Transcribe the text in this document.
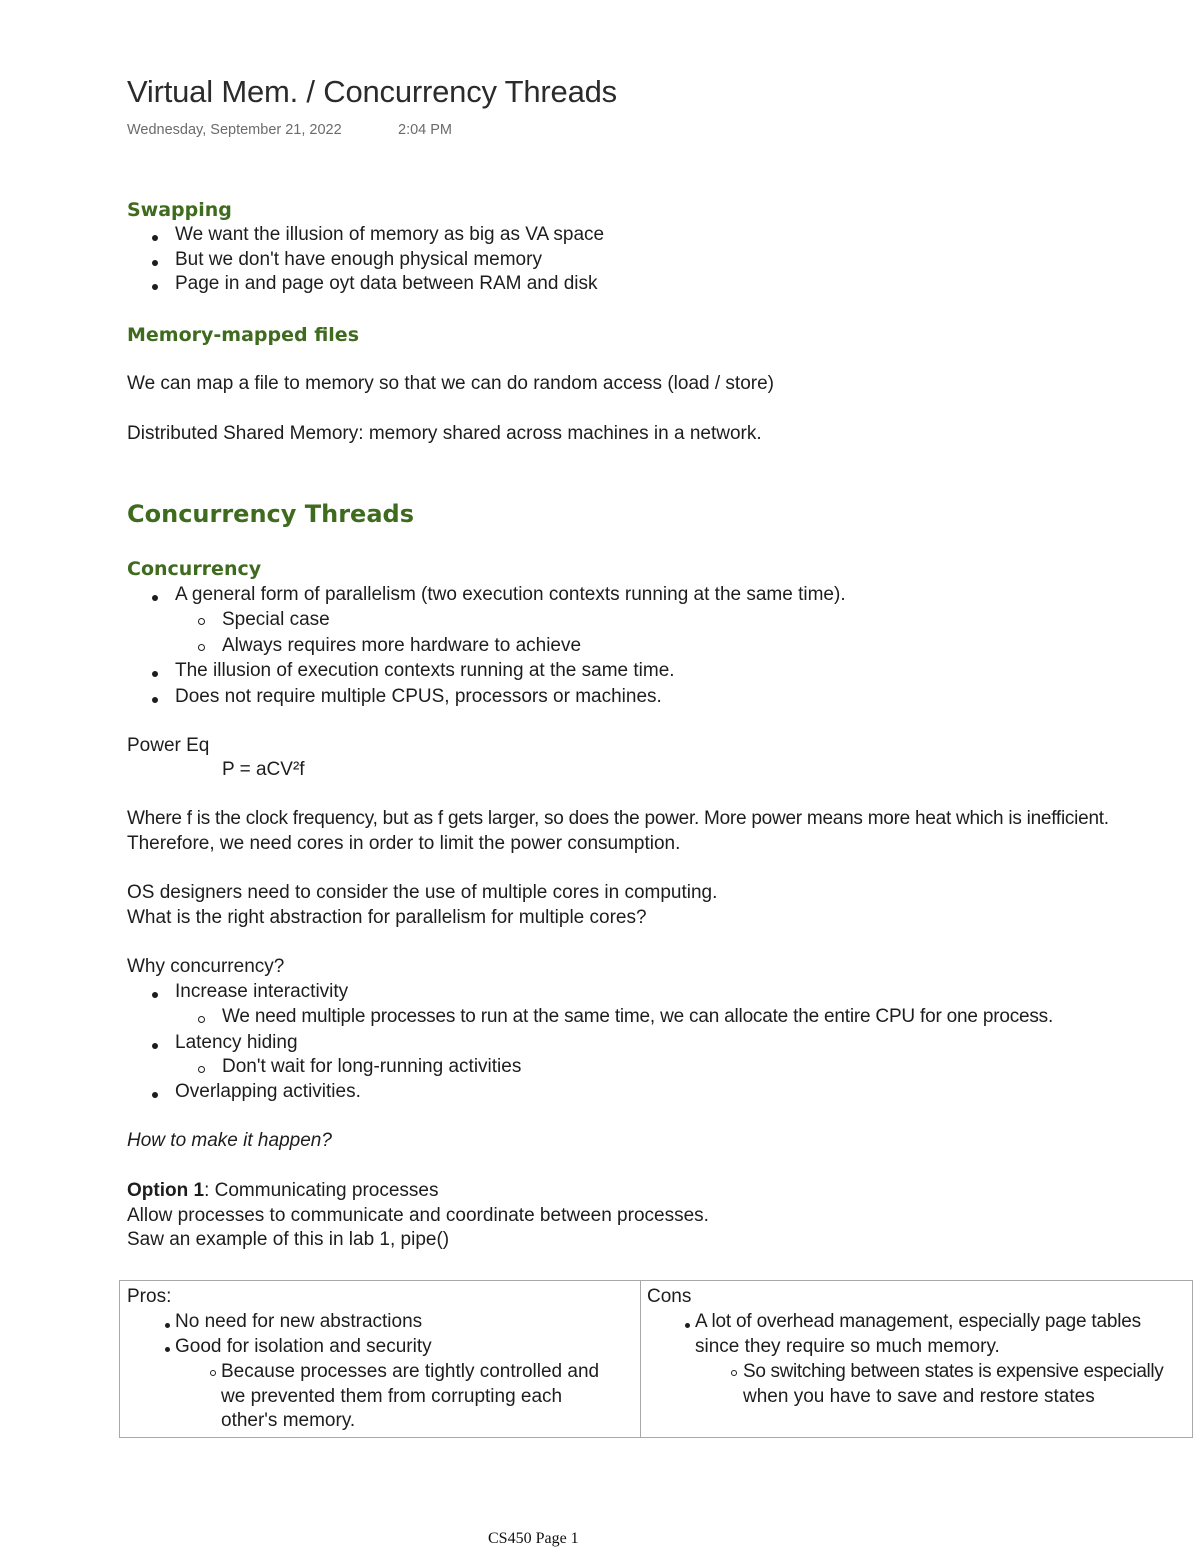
Virtual Mem. / Concurrency Threads
Wednesday, September 21, 2022	2:04 PM
Swapping
We want the illusion of memory as big as VA space
But we don't have enough physical memory
Page in and page oyt data between RAM and disk
Memory-mapped files
We can map a file to memory so that we can do random access (load / store)
Distributed Shared Memory: memory shared across machines in a network.
Concurrency Threads
Concurrency
A general form of parallelism (two execution contexts running at the same time).
Special case
Always requires more hardware to achieve
The illusion of execution contexts running at the same time.
Does not require multiple CPUS, processors or machines.
Power Eq
P = aCV²f
Where f is the clock frequency, but as f gets larger, so does the power. More power means more heat which is inefficient.
Therefore, we need cores in order to limit the power consumption.
OS designers need to consider the use of multiple cores in computing.
What is the right abstraction for parallelism for multiple cores?
Why concurrency?
Increase interactivity
We need multiple processes to run at the same time, we can allocate the entire CPU for one process.
Latency hiding
Don't wait for long-running activities
Overlapping activities.
How to make it happen?
Option 1: Communicating processes
Allow processes to communicate and coordinate between processes.
Saw an example of this in lab 1, pipe()
Pros:
No need for new abstractions
Good for isolation and security
Because processes are tightly controlled and
we prevented them from corrupting each
other's memory.

Cons
A lot of overhead management, especially page tables
since they require so much memory.
So switching between states is expensive especially
when you have to save and restore states
CS450 Page 1
